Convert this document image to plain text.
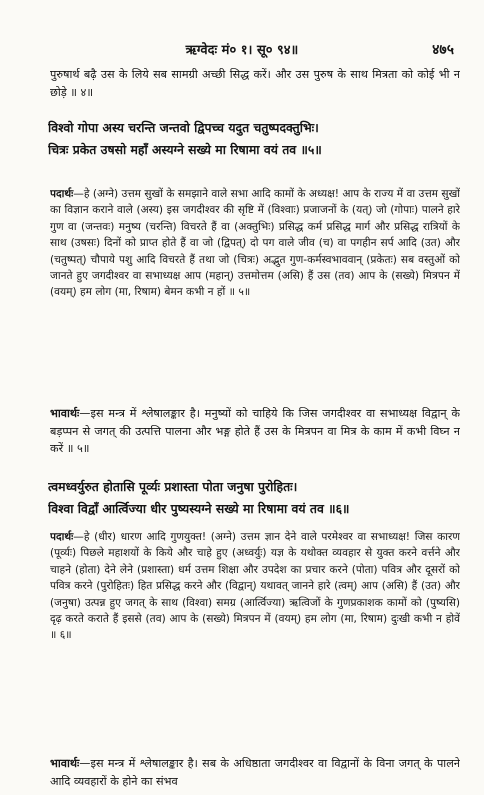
ऋग्वेदः मं० १। सू० ९४॥	४७५
पुरुषार्थ बढ़ै उस के लिये सब सामग्री अच्छी सिद्ध करें। और उस पुरुष के साथ मित्रता को कोई भी न छोड़े ॥ ४॥
विश्वो गोपा अस्य चरन्ति जन्तवो द्विपच्च यदुत चतुष्पदक्तुभिः।
चित्रः प्रकेत उषसो महाँ अस्यग्ने सख्ये मा रिषामा वयं तव ॥५॥
पदार्थः—हे (अग्ने) उत्तम सुखों के समझाने वाले सभा आदि कामों के अध्यक्ष! आप के राज्य में वा उत्तम सुखों का विज्ञान कराने वाले (अस्य) इस जगदीश्वर की सृष्टि में (विश्वाः) प्रजाजनों के (यत्) जो (गोपाः) पालने हारे गुण वा (जन्तवः) मनुष्य (चरन्ति) विचरते हैं वा (अक्तुभिः) प्रसिद्ध कर्म प्रसिद्ध मार्ग और प्रसिद्ध रात्रियों के साथ (उषसः) दिनों को प्राप्त होते हैं वा जो (द्विपत्) दो पग वाले जीव (च) वा पगहीन सर्प आदि (उत) और (चतुष्पत्) चौपाये पशु आदि विचरते हैं तथा जो (चित्रः) अद्भुत गुण-कर्मस्वभाववान् (प्रकेतः) सब वस्तुओं को जानते हुए जगदीश्वर वा सभाध्यक्ष आप (महान्) उत्तमोत्तम (असि) हैं उस (तव) आप के (सख्ये) मित्रपन में (वयम्) हम लोग (मा, रिषाम) बेमन कभी न हों ॥ ५॥
भावार्थः—इस मन्त्र में श्लेषालङ्कार है। मनुष्यों को चाहिये कि जिस जगदीश्वर वा सभाध्यक्ष विद्वान् के बड़प्पन से जगत् की उत्पत्ति पालना और भङ्ग होते हैं उस के मित्रपन वा मित्र के काम में कभी विघ्न न करें ॥ ५॥
त्वमध्वर्युरुत होतासि पूर्व्यः प्रशास्ता पोता जनुषा पुरोहितः।
विश्वा विद्वाँ आर्त्विज्या धीर पुष्यस्यग्ने सख्ये मा रिषामा वयं तव ॥६॥
पदार्थः—हे (धीर) धारण आदि गुणयुक्त! (अग्ने) उत्तम ज्ञान देने वाले परमेश्वर वा सभाध्यक्ष! जिस कारण (पूर्व्यः) पिछले महाशयों के किये और चाहे हुए (अध्वर्युः) यज्ञ के यथोक्त व्यवहार से युक्त करने वर्त्तने और चाहने (होता) देने लेने (प्रशास्ता) धर्म उत्तम शिक्षा और उपदेश का प्रचार करने (पोता) पवित्र और दूसरों को पवित्र करने (पुरोहितः) हित प्रसिद्ध करने और (विद्वान्) यथावत् जानने हारे (त्वम्) आप (असि) हैं (उत) और (जनुषा) उत्पन्न हुए जगत् के साथ (विश्वा) समग्र (आर्त्विज्या) ऋत्विजों के गुणप्रकाशक कामों को (पुष्यसि) दृढ़ करते कराते हैं इससे (तव) आप के (सख्ये) मित्रपन में (वयम्) हम लोग (मा, रिषाम) दुःखी कभी न होवें ॥ ६॥
भावार्थः—इस मन्त्र में श्लेषालङ्कार है। सब के अधिष्ठाता जगदीश्वर वा विद्वानों के विना जगत् के पालने आदि व्यवहारों के होने का संभव
